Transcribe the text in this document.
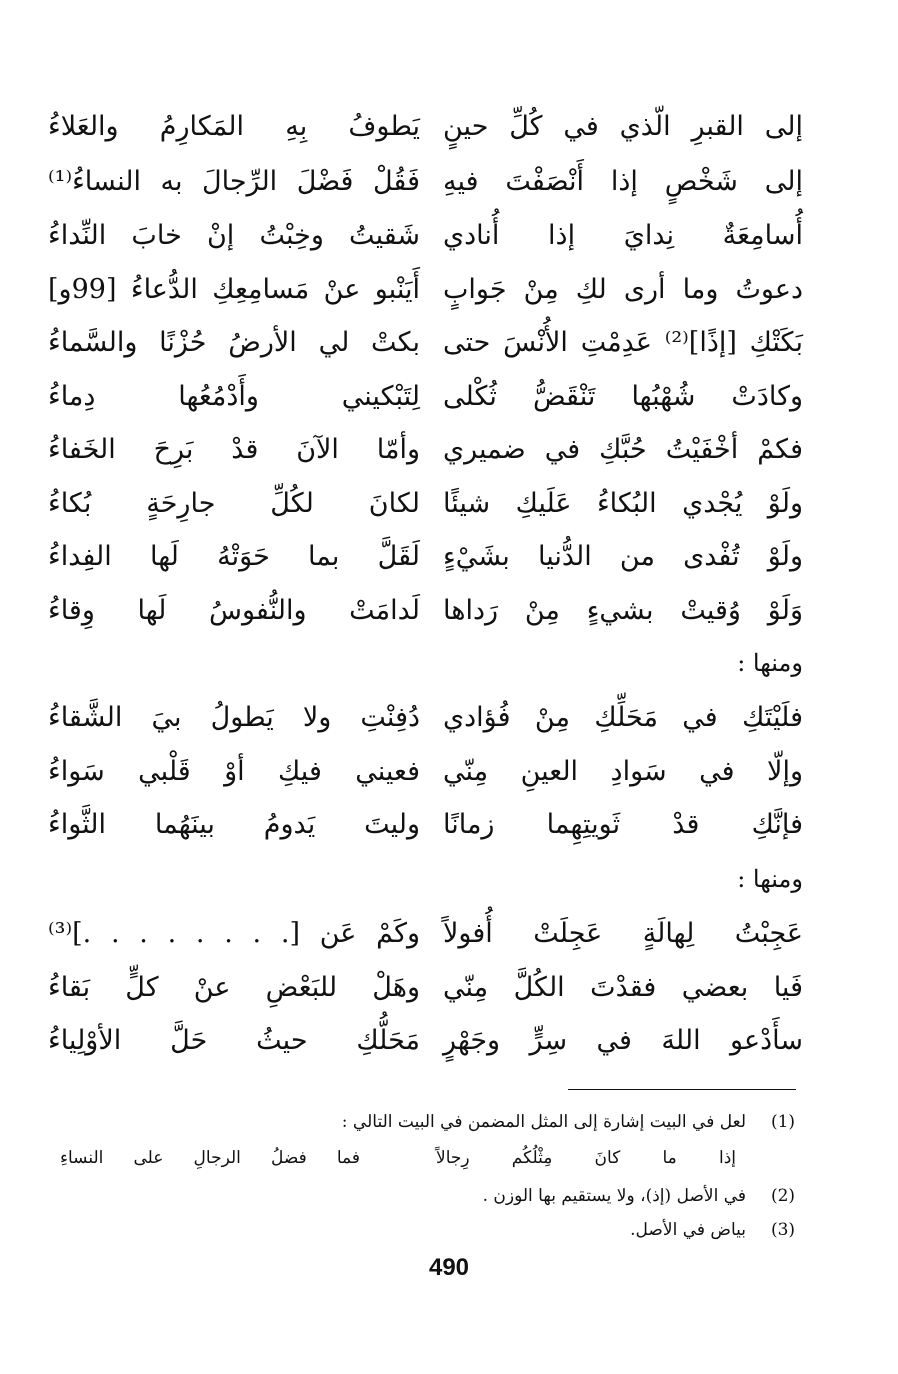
إلى القبرِ الّذي في كُلِّ حينٍ
يَطوفُ بِهِ المَكارِمُ والعَلاءُ
إلى شَخْصٍ إذا أَنْصَفْتَ فيهِ
فَقُلْ فَضْلَ الرِّجالَ به النساءُ⁽¹⁾
أُسامِعَةٌ نِدايَ إذا أُنادي
شَقيتُ وخِبْتُ إنْ خابَ النِّداءُ
دعوتُ وما أرى لكِ مِنْ جَوابٍ
أَيَنْبو عنْ مَسامِعِكِ الدُّعاءُ [99و]
بَكَتْكِ [إذًا]⁽²⁾ عَدِمْتِ الأُنْسَ حتى
بكتْ لي الأرضُ حُزْنًا والسَّماءُ
وكادَتْ شُهْبُها تَنْقَضُّ ثُكْلى
لِتَبْكيني وأَدْمُعُها دِماءُ
فكمْ أخْفَيْتُ حُبَّكِ في ضميري
وأمّا الآنَ قدْ بَرِحَ الخَفاءُ
ولَوْ يُجْدي البُكاءُ عَلَيكِ شيئًا
لكانَ لكُلِّ جارِحَةٍ بُكاءُ
ولَوْ تُفْدى من الدُّنيا بشَيْءٍ
لَقَلَّ بما حَوَتْهُ لَها الفِداءُ
وَلَوْ وُقيتْ بشيءٍ مِنْ رَداها
لَدامَتْ والنُّفوسُ لَها وِقاءُ
ومنها :
فلَيْتَكِ في مَحَلِّكِ مِنْ فُؤادي
دُفِنْتِ ولا يَطولُ بيَ الشَّقاءُ
وإلّا في سَوادِ العينِ مِنّي
فعيني فيكِ أوْ قَلْبي سَواءُ
فإنَّكِ قدْ ثَويتِهِما زمانًا
وليتَ يَدومُ بينَهُما الثَّواءُ
ومنها :
عَجِبْتُ لِهالَةٍ عَجِلَتْ أُفولاً
وكَمْ عَن [. . . . . . . .]⁽³⁾
فَيا بعضي فقدْتَ الكُلَّ مِنّي
وهَلْ للبَعْضِ عنْ كلٍّ بَقاءُ
سأَدْعو اللهَ في سِرٍّ وجَهْرٍ
مَحَلُّكِ حيثُ حَلَّ الأوْلِياءُ
(1)
لعل في البيت إشارة إلى المثل المضمن في البيت التالي :
إذا ما كانَ مِثْلُكُم رِجالاً
فما فضلُ الرجالِ على النساءِ
(2)
في الأصل (إذ)، ولا يستقيم بها الوزن .
(3)
بياض في الأصل.
490
